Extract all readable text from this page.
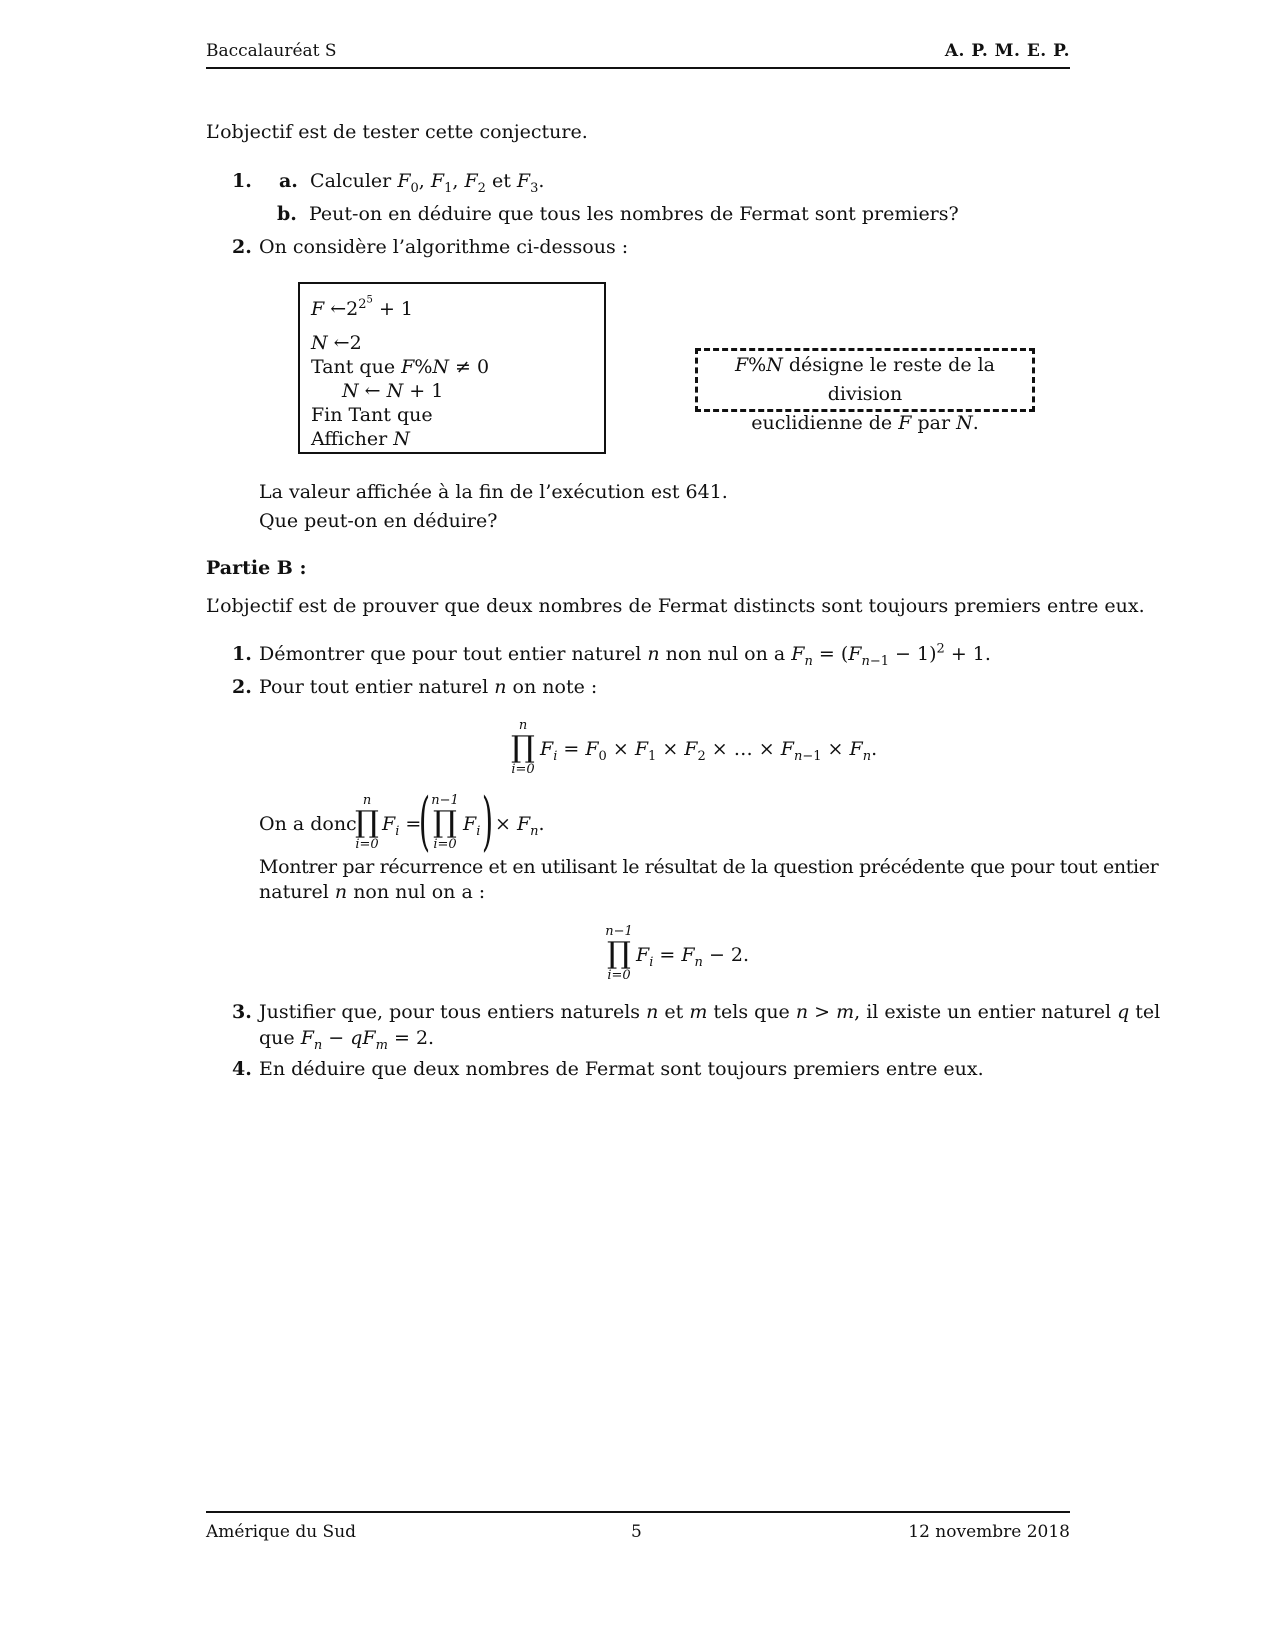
Baccalauréat S	A. P. M. E. P.
L’objectif est de tester cette conjecture.
1. a. Calculer $F_0$, $F_1$, $F_2$ et $F_3$.
b. Peut-on en déduire que tous les nombres de Fermat sont premiers?
2. On considère l’algorithme ci-dessous :
F $\leftarrow 2^{2^5} + 1$
N ←2
Tant que F%N ≠ 0
N ← N + 1
Fin Tant que
Afficher N
F%N désigne le reste de la division
euclidienne de F par N.
La valeur affichée à la fin de l’exécution est 641.
Que peut-on en déduire?
Partie B :
L’objectif est de prouver que deux nombres de Fermat distincts sont toujours premiers entre eux.
1. Démontrer que pour tout entier naturel n non nul on a $F_n = (F_{n-1} - 1)^2 + 1$.
2. Pour tout entier naturel n on note :
n
∏
i=0
$F_i = F_0 \times F_1 \times F_2$ × … × $F_{n-1} \times F_n$.
On a donc
n
∏
i=0
$F_i$ =
( n−1
∏
i=0
$F_i$ ) × $F_n$.
Montrer par récurrence et en utilisant le résultat de la question précédente que pour tout entier
naturel n non nul on a :
n−1
∏
i=0
$F_i = F_n - 2$.
3. Justifier que, pour tous entiers naturels n et m tels que n > m, il existe un entier naturel q tel
que $F_n - qF_m = 2$.
4. En déduire que deux nombres de Fermat sont toujours premiers entre eux.
Amérique du Sud	5	12 novembre 2018
